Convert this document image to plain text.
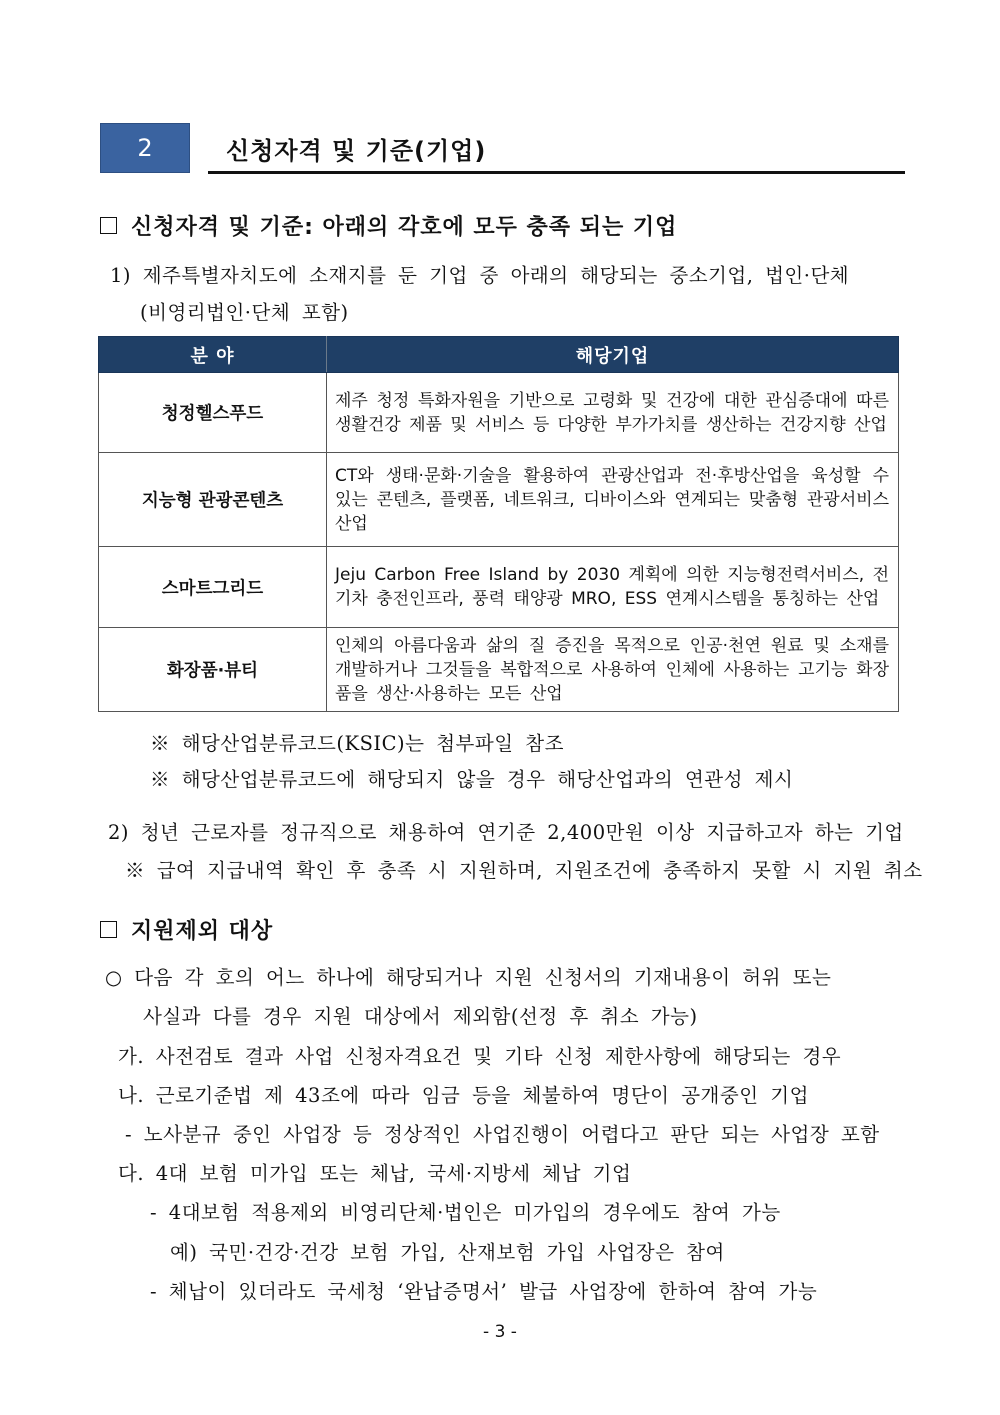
2	신청자격 및 기준(기업)
신청자격 및 기준: 아래의 각호에 모두 충족 되는 기업
1) 제주특별자치도에 소재지를 둔 기업 중 아래의 해당되는 중소기업, 법인·단체
(비영리법인·단체 포함)
분 야	해당기업
청정헬스푸드	제주 청정 특화자원을 기반으로 고령화 및 건강에 대한 관심증대에 따른 생활건강 제품 및 서비스 등 다양한 부가가치를 생산하는 건강지향 산업
지능형 관광콘텐츠	CT와 생태·문화·기술을 활용하여 관광산업과 전·후방산업을 육성할 수 있는 콘텐츠, 플랫폼, 네트워크, 디바이스와 연계되는 맞춤형 관광서비스 산업
스마트그리드	Jeju Carbon Free Island by 2030 계획에 의한 지능형전력서비스, 전기차 충전인프라, 풍력 태양광 MRO, ESS 연계시스템을 통칭하는 산업
화장품·뷰티	인체의 아름다움과 삶의 질 증진을 목적으로 인공·천연 원료 및 소재를 개발하거나 그것들을 복합적으로 사용하여 인체에 사용하는 고기능 화장품을 생산·사용하는 모든 산업
※ 해당산업분류코드(KSIC)는 첨부파일 참조
※ 해당산업분류코드에 해당되지 않을 경우 해당산업과의 연관성 제시
2) 청년 근로자를 정규직으로 채용하여 연기준 2,400만원 이상 지급하고자 하는 기업
※ 급여 지급내역 확인 후 충족 시 지원하며, 지원조건에 충족하지 못할 시 지원 취소
지원제외 대상
○ 다음 각 호의 어느 하나에 해당되거나 지원 신청서의 기재내용이 허위 또는
사실과 다를 경우 지원 대상에서 제외함(선정 후 취소 가능)
가. 사전검토 결과 사업 신청자격요건 및 기타 신청 제한사항에 해당되는 경우
나. 근로기준법 제 43조에 따라 임금 등을 체불하여 명단이 공개중인 기업
- 노사분규 중인 사업장 등 정상적인 사업진행이 어렵다고 판단 되는 사업장 포함
다. 4대 보험 미가입 또는 체납, 국세·지방세 체납 기업
- 4대보험 적용제외 비영리단체·법인은 미가입의 경우에도 참여 가능
예) 국민·건강·건강 보험 가입, 산재보험 가입 사업장은 참여
- 체납이 있더라도 국세청 ‘완납증명서’ 발급 사업장에 한하여 참여 가능
- 3 -
